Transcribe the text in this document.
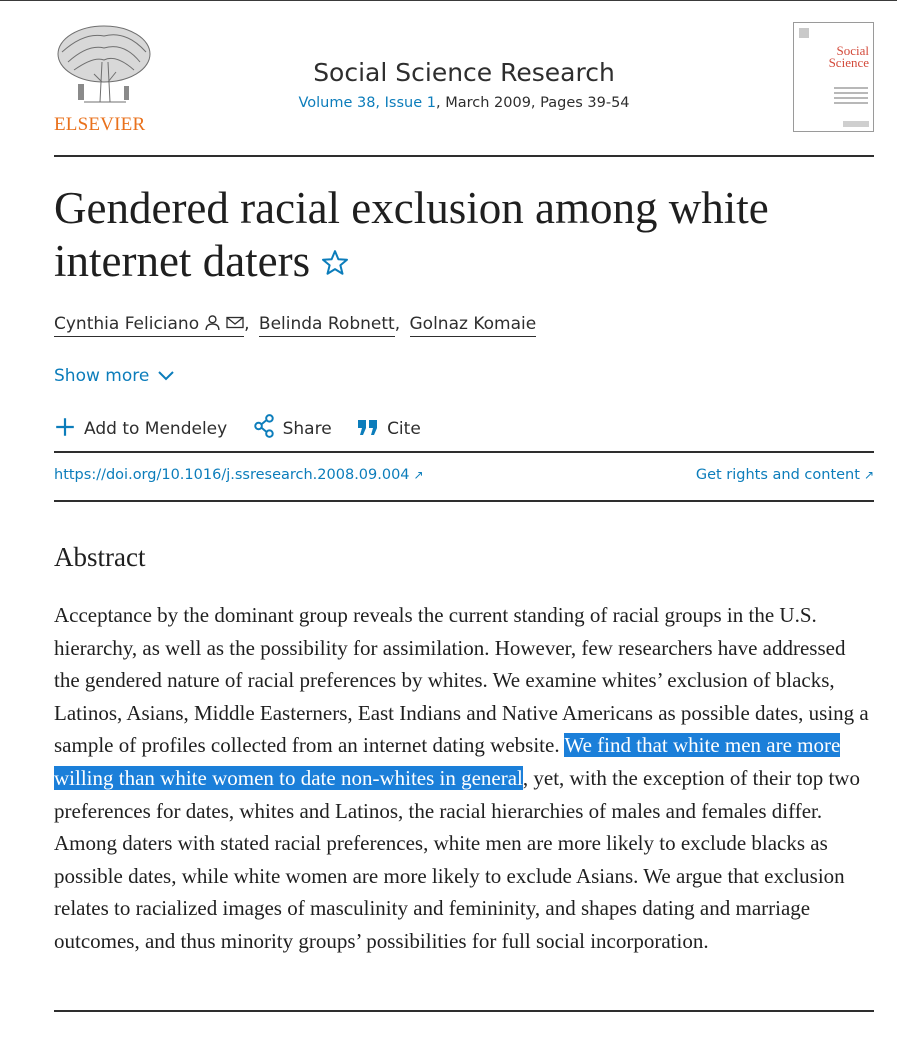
ELSEVIER
Social Science Research
Volume 38, Issue 1, March 2009, Pages 39-54
Social Science
Gendered racial exclusion among white internet daters
Cynthia Feliciano	, Belinda Robnett, Golnaz Komaie
Show more
Add to Mendeley	Share	Cite
https://doi.org/10.1016/j.ssresearch.2008.09.004 ↗	Get rights and content ↗
Abstract

Acceptance by the dominant group reveals the current standing of racial groups in the U.S. hierarchy, as well as the possibility for assimilation. However, few researchers have addressed the gendered nature of racial preferences by whites. We examine whites’ exclusion of blacks, Latinos, Asians, Middle Easterners, East Indians and Native Americans as possible dates, using a sample of profiles collected from an internet dating website. We find that white men are more willing than white women to date non-whites in general, yet, with the exception of their top two preferences for dates, whites and Latinos, the racial hierarchies of males and females differ. Among daters with stated racial preferences, white men are more likely to exclude blacks as possible dates, while white women are more likely to exclude Asians. We argue that exclusion relates to racialized images of masculinity and femininity, and shapes dating and marriage outcomes, and thus minority groups’ possibilities for full social incorporation.
